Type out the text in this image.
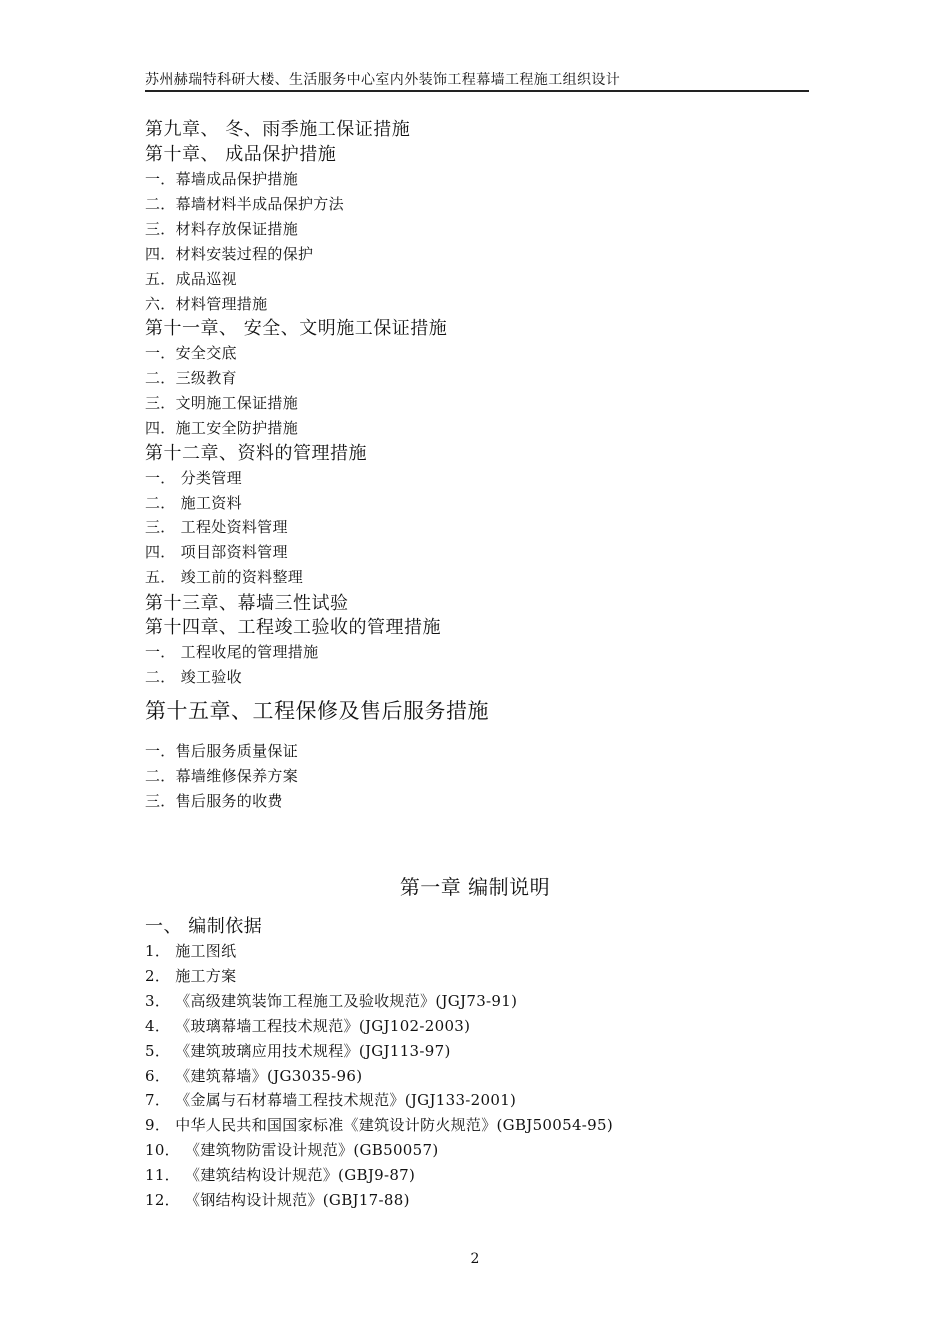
苏州赫瑞特科研大楼、生活服务中心室内外装饰工程幕墙工程施工组织设计
第九章、 冬、雨季施工保证措施
第十章、 成品保护措施
一．幕墙成品保护措施
二．幕墙材料半成品保护方法
三．材料存放保证措施
四．材料安装过程的保护
五．成品巡视
六．材料管理措施
第十一章、 安全、文明施工保证措施
一．安全交底
二．三级教育
三．文明施工保证措施
四．施工安全防护措施
第十二章、资料的管理措施
一． 分类管理
二． 施工资料
三． 工程处资料管理
四． 项目部资料管理
五． 竣工前的资料整理
第十三章、幕墙三性试验
第十四章、工程竣工验收的管理措施
一． 工程收尾的管理措施
二． 竣工验收
第十五章、工程保修及售后服务措施
一．售后服务质量保证
二．幕墙维修保养方案
三．售后服务的收费
第一章 编制说明
一、 编制依据
1． 施工图纸
2． 施工方案
3． 《高级建筑装饰工程施工及验收规范》(JGJ73-91)
4． 《玻璃幕墙工程技术规范》(JGJ102-2003)
5． 《建筑玻璃应用技术规程》(JGJ113-97)
6． 《建筑幕墙》(JG3035-96)
7． 《金属与石材幕墙工程技术规范》(JGJ133-2001)
9． 中华人民共和国国家标准《建筑设计防火规范》(GBJ50054-95)
10． 《建筑物防雷设计规范》(GB50057)
11． 《建筑结构设计规范》(GBJ9-87)
12． 《钢结构设计规范》(GBJ17-88)
2
